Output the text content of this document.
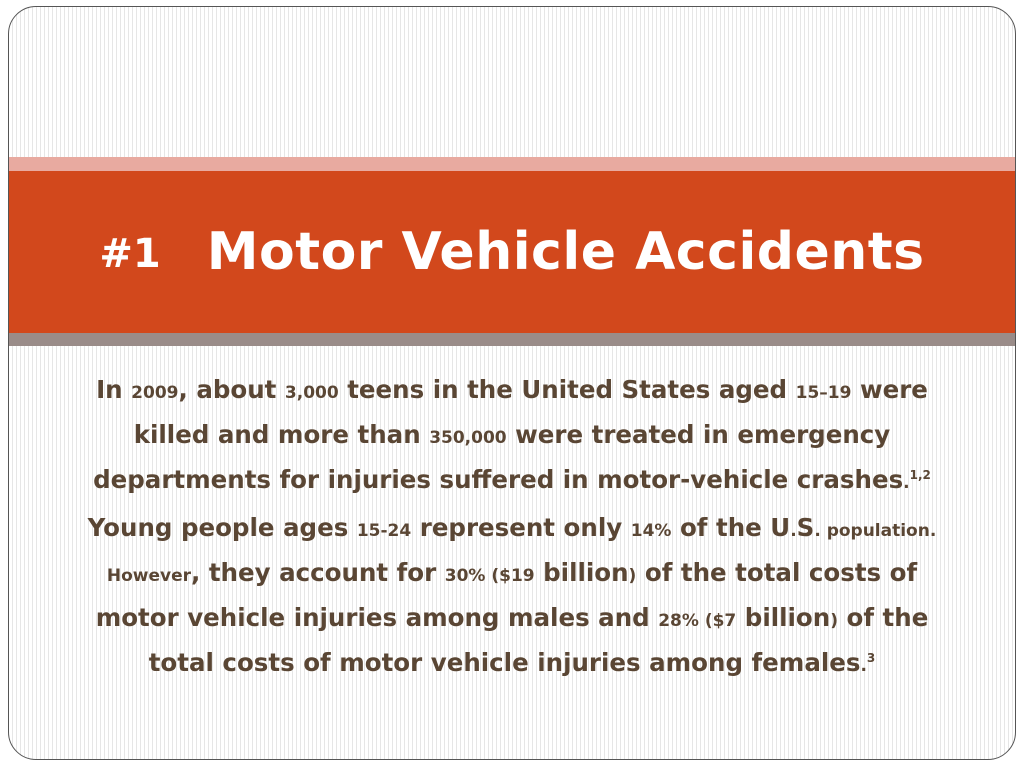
#1 Motor Vehicle Accidents

In 2009, about 3,000 teens in the United States aged 15–19 were killed and more than 350,000 were treated in emergency departments for injuries suffered in motor-vehicle crashes.$^{1,2}$

Young people ages 15-24 represent only 14% of the U.S. population. However, they account for 30% ($19 billion) of the total costs of motor vehicle injuries among males and 28% ($7 billion) of the total costs of motor vehicle injuries among females.$^3$
